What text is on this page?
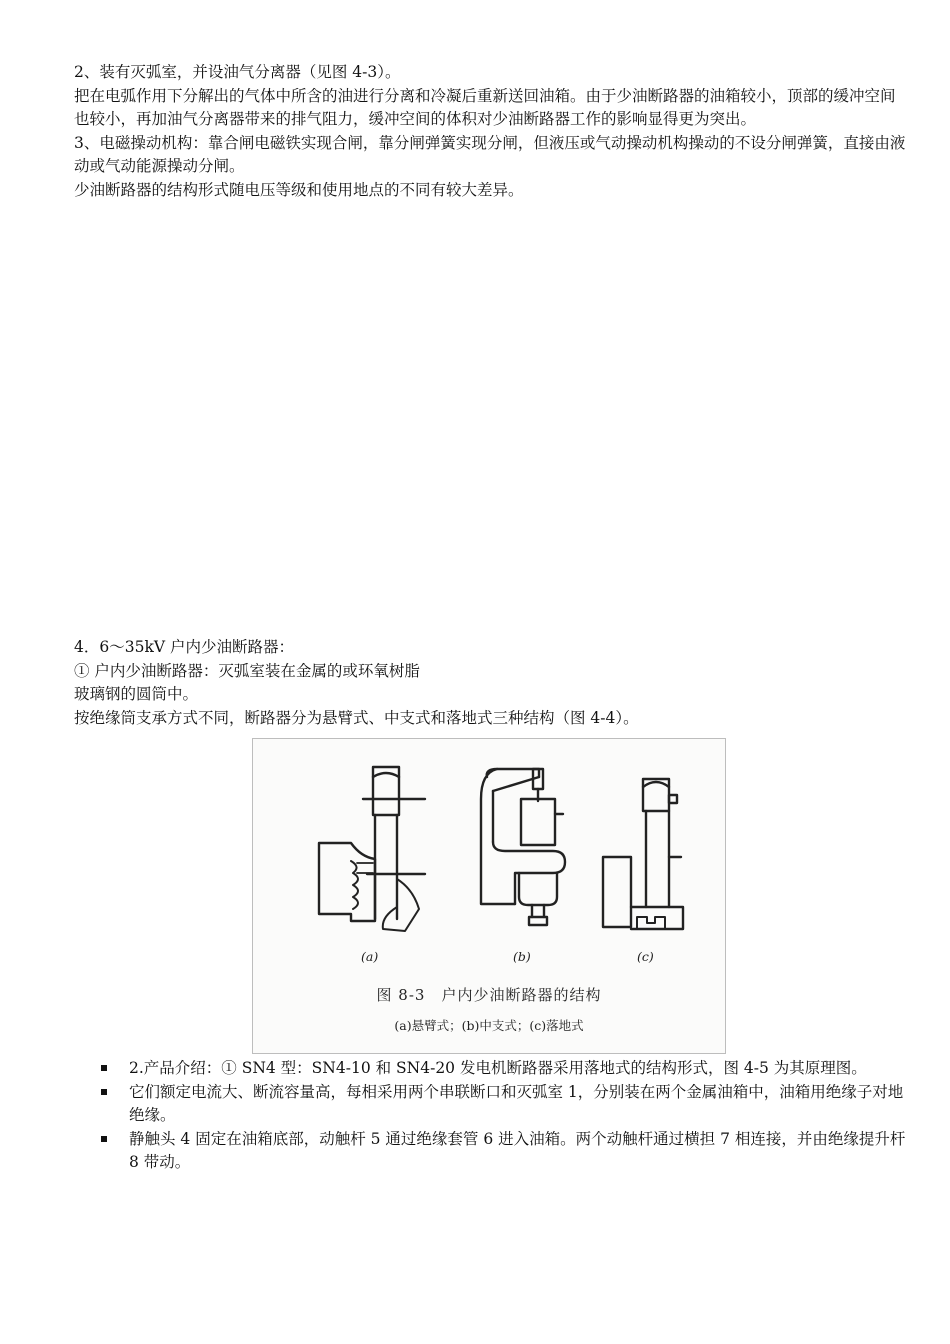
2、装有灭弧室，并设油气分离器（见图 4-3）。

把在电弧作用下分解出的气体中所含的油进行分离和冷凝后重新送回油箱。由于少油断路器的油箱较小，顶部的缓冲空间也较小，再加油气分离器带来的排气阻力，缓冲空间的体积对少油断路器工作的影响显得更为突出。

3、电磁操动机构：靠合闸电磁铁实现合闸，靠分闸弹簧实现分闸，但液压或气动操动机构操动的不设分闸弹簧，直接由液动或气动能源操动分闸。

少油断路器的结构形式随电压等级和使用地点的不同有较大差异。

4．6～35kV 户内少油断路器：

① 户内少油断路器：灭弧室装在金属的或环氧树脂

玻璃钢的圆筒中。

按绝缘筒支承方式不同，断路器分为悬臂式、中支式和落地式三种结构（图 4-4）。

(a)	(b)	(c)
图 8-3　户内少油断路器的结构
(a)悬臂式；(b)中支式；(c)落地式
2.产品介绍：① SN4 型：SN4-10 和 SN4-20 发电机断路器采用落地式的结构形式，图 4-5 为其原理图。
它们额定电流大、断流容量高，每相采用两个串联断口和灭弧室 1，分别装在两个金属油箱中，油箱用绝缘子对地绝缘。
静触头 4 固定在油箱底部，动触杆 5 通过绝缘套管 6 进入油箱。两个动触杆通过横担 7 相连接，并由绝缘提升杆 8 带动。
